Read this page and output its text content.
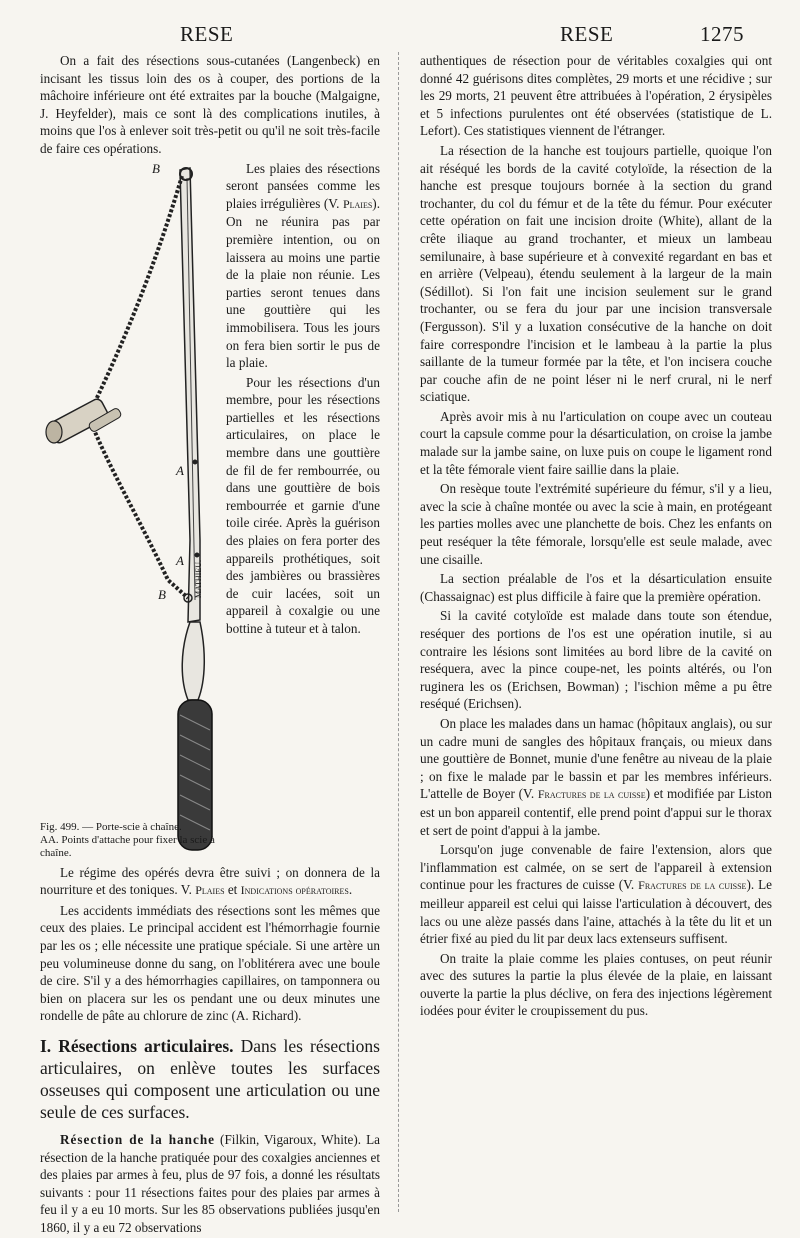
RESE	RESE	1275

On a fait des résections sous-cutanées (Langenbeck) en incisant les tissus loin des os à couper, des portions de la mâchoire inférieure ont été extraites par la bouche (Malgaigne, J. Heyfelder), mais ce sont là des complications inutiles, à moins que l'os à enlever soit très-petit ou qu'il ne soit très-facile de faire ces opérations.

B
A
A
B	MATHIEU.
Fig. 499. — Porte-scie à chaîne.
AA. Points d'attache pour fixer la scie à chaîne.

Les plaies des résections seront pansées comme les plaies irrégulières (V. Plaies). On ne réunira pas par première intention, ou on laissera au moins une partie de la plaie non réunie. Les parties seront tenues dans une gouttière qui les immobilisera. Tous les jours on fera bien sortir le pus de la plaie.

Pour les résections d'un membre, pour les résections partielles et les résections articulaires, on place le membre dans une gouttière de fil de fer rembourrée, ou dans une gouttière de bois rembourrée et garnie d'une toile cirée. Après la guérison des plaies on fera porter des appareils prothétiques, soit des jambières ou brassières de cuir lacées, soit un appareil à coxalgie ou une bottine à tuteur et à talon.

Le régime des opérés devra être suivi ; on donnera de la nourriture et des toniques. V. Plaies et Indications opératoires.

Les accidents immédiats des résections sont les mêmes que ceux des plaies. Le principal accident est l'hémorrhagie fournie par les os ; elle nécessite une pratique spéciale. Si une artère un peu volumineuse donne du sang, on l'oblitérera avec une boule de cire. S'il y a des hémorrhagies capillaires, on tamponnera ou bien on placera sur les os pendant une ou deux minutes une rondelle de pâte au chlorure de zinc (A. Richard).

I. Résections articulaires. Dans les résections articulaires, on enlève toutes les surfaces osseuses qui composent une articulation ou une seule de ces surfaces.

Résection de la hanche (Filkin, Vigaroux, White). La résection de la hanche pratiquée pour des coxalgies anciennes et des plaies par armes à feu, plus de 97 fois, a donné les résultats suivants : pour 11 résections faites pour des plaies par armes à feu il y a eu 10 morts. Sur les 85 observations publiées jusqu'en 1860, il y a eu 72 observations

authentiques de résection pour de véritables coxalgies qui ont donné 42 guérisons dites complètes, 29 morts et une récidive ; sur les 29 morts, 21 peuvent être attribuées à l'opération, 2 érysipèles et 5 infections purulentes ont été observées (statistique de L. Lefort). Ces statistiques viennent de l'étranger.

La résection de la hanche est toujours partielle, quoique l'on ait réséqué les bords de la cavité cotyloïde, la résection de la hanche est presque toujours bornée à la section du grand trochanter, du col du fémur et de la tête du fémur. Pour exécuter cette opération on fait une incision droite (White), allant de la crête iliaque au grand trochanter, et mieux un lambeau semilunaire, à base supérieure et à convexité regardant en bas et en arrière (Velpeau), étendu seulement à la largeur de la main (Sédillot). Si l'on fait une incision seulement sur le grand trochanter, ou se fera du jour par une incision transversale (Fergusson). S'il y a luxation consécutive de la hanche on doit faire correspondre l'incision et le lambeau à la partie la plus saillante de la tumeur formée par la tête, et l'on incisera couche par couche afin de ne point léser ni le nerf crural, ni le nerf sciatique.

Après avoir mis à nu l'articulation on coupe avec un couteau court la capsule comme pour la désarticulation, on croise la jambe malade sur la jambe saine, on luxe puis on coupe le ligament rond et la tête fémorale vient faire saillie dans la plaie.

On resèque toute l'extrémité supérieure du fémur, s'il y a lieu, avec la scie à chaîne montée ou avec la scie à main, en protégeant les parties molles avec une planchette de bois. Chez les enfants on peut reséquer la tête fémorale, lorsqu'elle est seule malade, avec une cisaille.

La section préalable de l'os et la désarticulation ensuite (Chassaignac) est plus difficile à faire que la première opération.

Si la cavité cotyloïde est malade dans toute son étendue, reséquer des portions de l'os est une opération inutile, si au contraire les lésions sont limitées au bord libre de la cavité on reséquera, avec la pince coupe-net, les points altérés, ou l'on ruginera les os (Erichsen, Bowman) ; l'ischion même a pu être reséqué (Erichsen).

On place les malades dans un hamac (hôpitaux anglais), ou sur un cadre muni de sangles des hôpitaux français, ou mieux dans une gouttière de Bonnet, munie d'une fenêtre au niveau de la plaie ; on fixe le malade par le bassin et par les membres inférieurs. L'attelle de Boyer (V. Fractures de la cuisse) et modifiée par Liston est un bon appareil contentif, elle prend point d'appui sur le thorax et sert de point d'appui à la jambe.

Lorsqu'on juge convenable de faire l'extension, alors que l'inflammation est calmée, on se sert de l'appareil à extension continue pour les fractures de cuisse (V. Fractures de la cuisse). Le meilleur appareil est celui qui laisse l'articulation à découvert, des lacs ou une alèze passés dans l'aine, attachés à la tête du lit et un étrier fixé au pied du lit par deux lacs extenseurs suffisent.

On traite la plaie comme les plaies contuses, on peut réunir avec des sutures la partie la plus élevée de la plaie, en laissant ouverte la partie la plus déclive, on fera des injections légèrement iodées pour éviter le croupissement du pus.
